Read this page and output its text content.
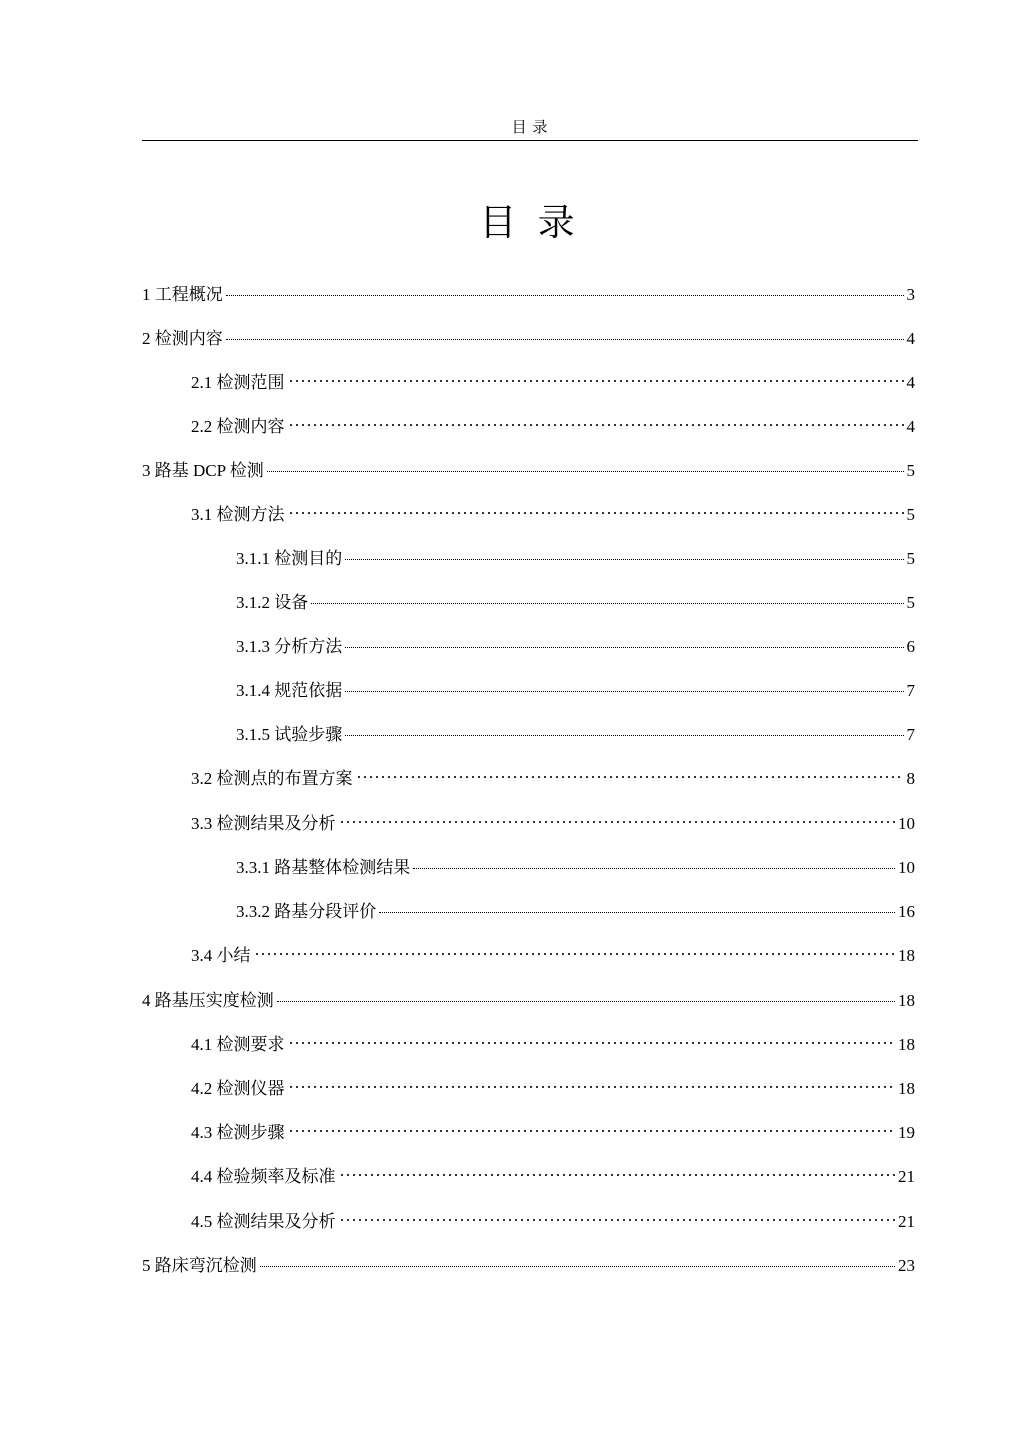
目 录
目 录
1 工程概况	3
2 检测内容	4
2.1 检测范围	4
2.2 检测内容	4
3 路基 DCP 检测	5
3.1 检测方法	5
3.1.1 检测目的	5
3.1.2 设备	5
3.1.3 分析方法	6
3.1.4 规范依据	7
3.1.5 试验步骤	7
3.2 检测点的布置方案	8
3.3 检测结果及分析	10
3.3.1 路基整体检测结果	10
3.3.2 路基分段评价	16
3.4 小结	18
4 路基压实度检测	18
4.1 检测要求	18
4.2 检测仪器	18
4.3 检测步骤	19
4.4 检验频率及标准	21
4.5 检测结果及分析	21
5 路床弯沉检测	23
